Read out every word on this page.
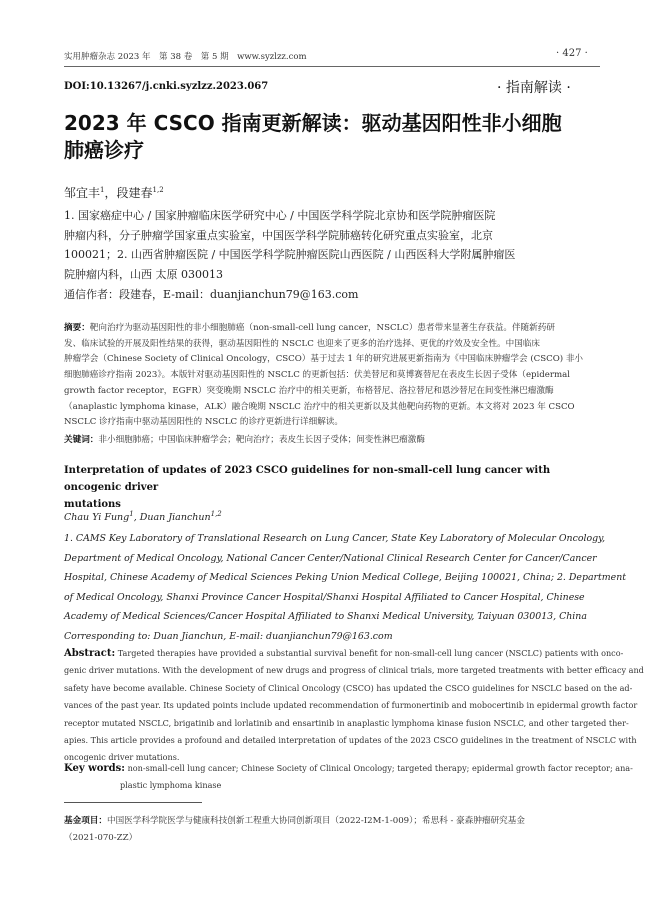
实用肿瘤杂志 2023 年　第 38 卷　第 5 期　www.syzlzz.com	· 427 ·
DOI:10.13267/j.cnki.syzlzz.2023.067	· 指南解读 ·
2023 年 CSCO 指南更新解读：驱动基因阳性非小细胞
肺癌诊疗
邹宜丰$^1$，段建春$^{1,2}$
1. 国家癌症中心 / 国家肿瘤临床医学研究中心 / 中国医学科学院北京协和医学院肿瘤医院
肿瘤内科，分子肿瘤学国家重点实验室，中国医学科学院肺癌转化研究重点实验室，北京
100021；2. 山西省肿瘤医院 / 中国医学科学院肿瘤医院山西医院 / 山西医科大学附属肿瘤医
院肿瘤内科，山西 太原 030013
通信作者：段建春，E-mail：duanjianchun79@163.com
摘要：靶向治疗为驱动基因阳性的非小细胞肺癌（non-small-cell lung cancer，NSCLC）患者带来显著生存获益。伴随新药研
发、临床试验的开展及阳性结果的获得，驱动基因阳性的 NSCLC 也迎来了更多的治疗选择、更优的疗效及安全性。中国临床
肿瘤学会（Chinese Society of Clinical Oncology，CSCO）基于过去 1 年的研究进展更新指南为《中国临床肿瘤学会 (CSCO) 非小
细胞肺癌诊疗指南 2023》。本版针对驱动基因阳性的 NSCLC 的更新包括：伏美替尼和莫博赛替尼在表皮生长因子受体（epidermal
growth factor receptor，EGFR）突变晚期 NSCLC 治疗中的相关更新，布格替尼、洛拉替尼和恩沙替尼在间变性淋巴瘤激酶
（anaplastic lymphoma kinase，ALK）融合晚期 NSCLC 治疗中的相关更新以及其他靶向药物的更新。本文将对 2023 年 CSCO
NSCLC 诊疗指南中驱动基因阳性的 NSCLC 的诊疗更新进行详细解读。
关键词：非小细胞肺癌；中国临床肿瘤学会；靶向治疗；表皮生长因子受体；间变性淋巴瘤激酶
Interpretation of updates of 2023 CSCO guidelines for non-small-cell lung cancer with oncogenic driver
mutations
Chau Yi Fung$^1$, Duan Jianchun$^{1,2}$
1. CAMS Key Laboratory of Translational Research on Lung Cancer, State Key Laboratory of Molecular Oncology,
Department of Medical Oncology, National Cancer Center/National Clinical Research Center for Cancer/Cancer
Hospital, Chinese Academy of Medical Sciences Peking Union Medical College, Beijing 100021, China; 2. Department
of Medical Oncology, Shanxi Province Cancer Hospital/Shanxi Hospital Affiliated to Cancer Hospital, Chinese
Academy of Medical Sciences/Cancer Hospital Affiliated to Shanxi Medical University, Taiyuan 030013, China
Corresponding to: Duan Jianchun, E-mail: duanjianchun79@163.com
Abstract: Targeted therapies have provided a substantial survival benefit for non-small-cell lung cancer (NSCLC) patients with onco-
genic driver mutations. With the development of new drugs and progress of clinical trials, more targeted treatments with better efficacy and
safety have become available. Chinese Society of Clinical Oncology (CSCO) has updated the CSCO guidelines for NSCLC based on the ad-
vances of the past year. Its updated points include updated recommendation of furmonertinib and mobocertinib in epidermal growth factor
receptor mutated NSCLC, brigatinib and lorlatinib and ensartinib in anaplastic lymphoma kinase fusion NSCLC, and other targeted ther-
apies. This article provides a profound and detailed interpretation of updates of the 2023 CSCO guidelines in the treatment of NSCLC with
oncogenic driver mutations.
Key words: non-small-cell lung cancer; Chinese Society of Clinical Oncology; targeted therapy; epidermal growth factor receptor; ana-
plastic lymphoma kinase
基金项目：中国医学科学院医学与健康科技创新工程重大协同创新项目（2022-I2M-1-009）；希思科 - 豪森肿瘤研究基金
（2021-070-ZZ）
